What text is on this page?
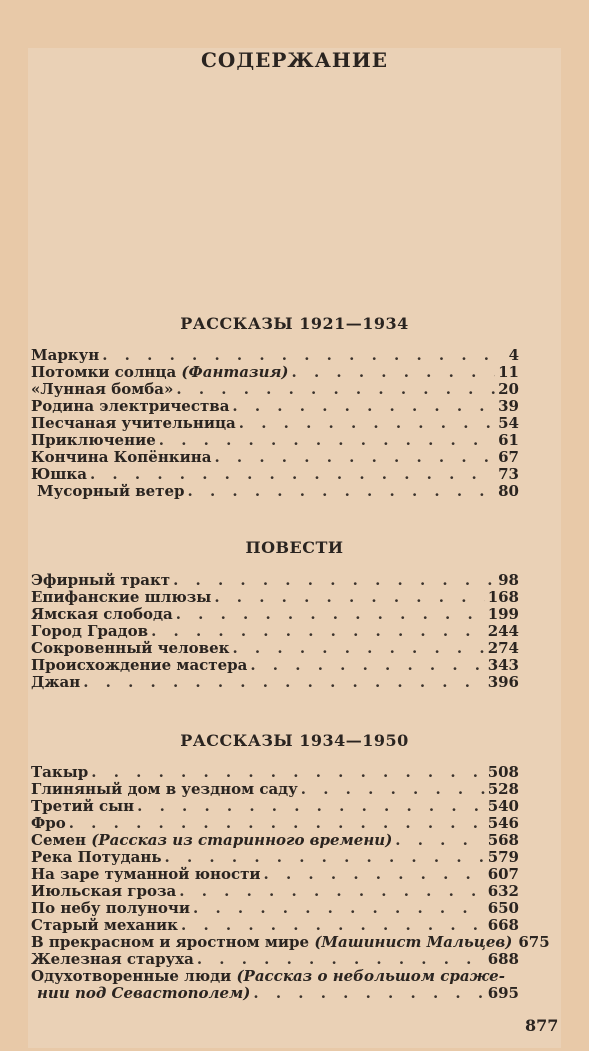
СОДЕРЖАНИЕ
РАССКАЗЫ 1921—1934
Маркун . . .	4
Потомки солнца (Фантазия) . . .	11
«Лунная бомба» . . .	20
Родина электричества . . .	39
Песчаная учительница . . .	54
Приключение . . .	61
Кончина Копёнкина . . .	67
Юшка . . .	73
Мусорный ветер . . .	80
ПОВЕСТИ
Эфирный тракт . . .	98
Епифанские шлюзы . . .	168
Ямская слобода . . .	199
Город Градов . . .	244
Сокровенный человек . . .	274
Происхождение мастера . . .	343
Джан . . .	396
РАССКАЗЫ 1934—1950
Такыр . . .	508
Глиняный дом в уездном саду . . .	528
Третий сын . . .	540
Фро . . .	546
Семен (Рассказ из старинного времени) . . .	568
Река Потудань . . .	579
На заре туманной юности . . .	607
Июльская гроза . . .	632
По небу полуночи . . .	650
Старый механик . . .	668
В прекрасном и яростном мире (Машинист Мальцев) 675
Железная старуха . . .	688
Одухотворенные люди (Рассказ о небольшом сраже-
нии под Севастополем) . . .	695
877
